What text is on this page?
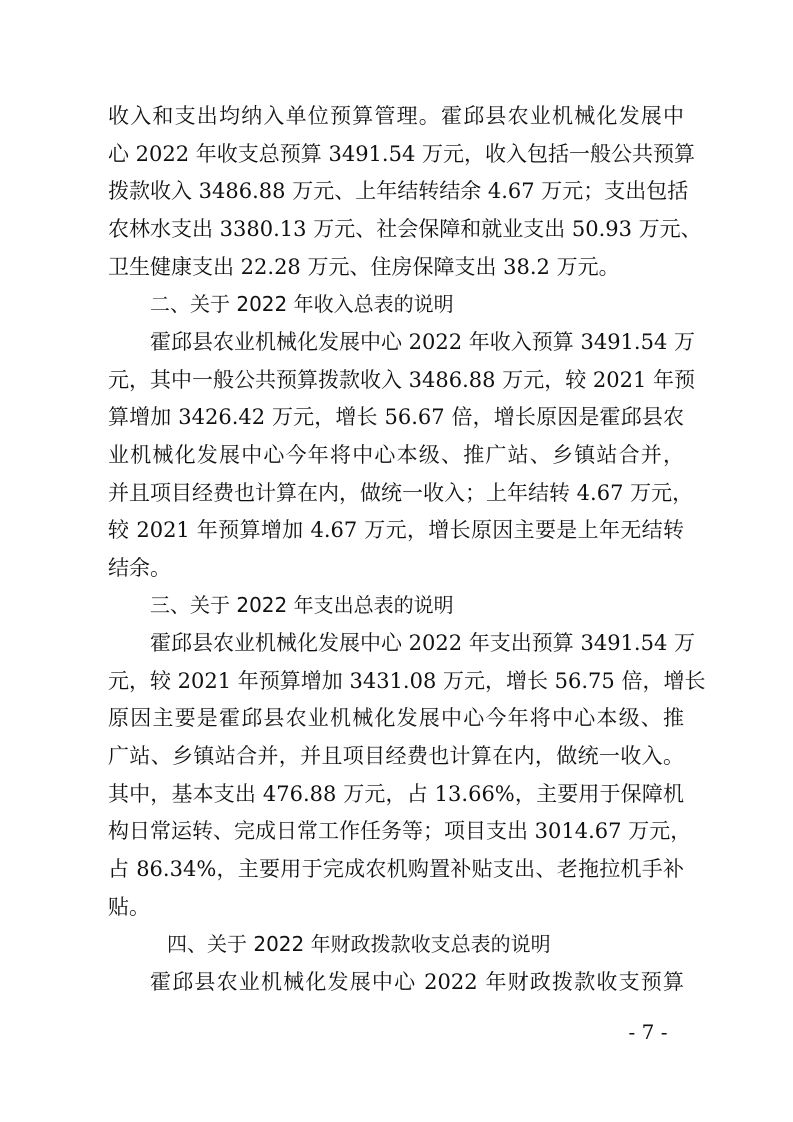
收入和支出均纳入单位预算管理。霍邱县农业机械化发展中
心 2022 年收支总预算 3491.54 万元，收入包括一般公共预算
拨款收入 3486.88 万元、上年结转结余 4.67 万元；支出包括
农林水支出 3380.13 万元、社会保障和就业支出 50.93 万元、
卫生健康支出 22.28 万元、住房保障支出 38.2 万元。
二、关于 2022 年收入总表的说明
霍邱县农业机械化发展中心 2022 年收入预算 3491.54 万
元，其中一般公共预算拨款收入 3486.88 万元，较 2021 年预
算增加 3426.42 万元，增长 56.67 倍，增长原因是霍邱县农
业机械化发展中心今年将中心本级、推广站、乡镇站合并，
并且项目经费也计算在内，做统一收入；上年结转 4.67 万元，
较 2021 年预算增加 4.67 万元，增长原因主要是上年无结转
结余。
三、关于 2022 年支出总表的说明
霍邱县农业机械化发展中心 2022 年支出预算 3491.54 万
元，较 2021 年预算增加 3431.08 万元，增长 56.75 倍，增长
原因主要是霍邱县农业机械化发展中心今年将中心本级、推
广站、乡镇站合并，并且项目经费也计算在内，做统一收入。
其中，基本支出 476.88 万元，占 13.66%，主要用于保障机
构日常运转、完成日常工作任务等；项目支出 3014.67 万元，
占 86.34%，主要用于完成农机购置补贴支出、老拖拉机手补
贴。
四、关于 2022 年财政拨款收支总表的说明
霍邱县农业机械化发展中心 2022 年财政拨款收支预算
- 7 -
